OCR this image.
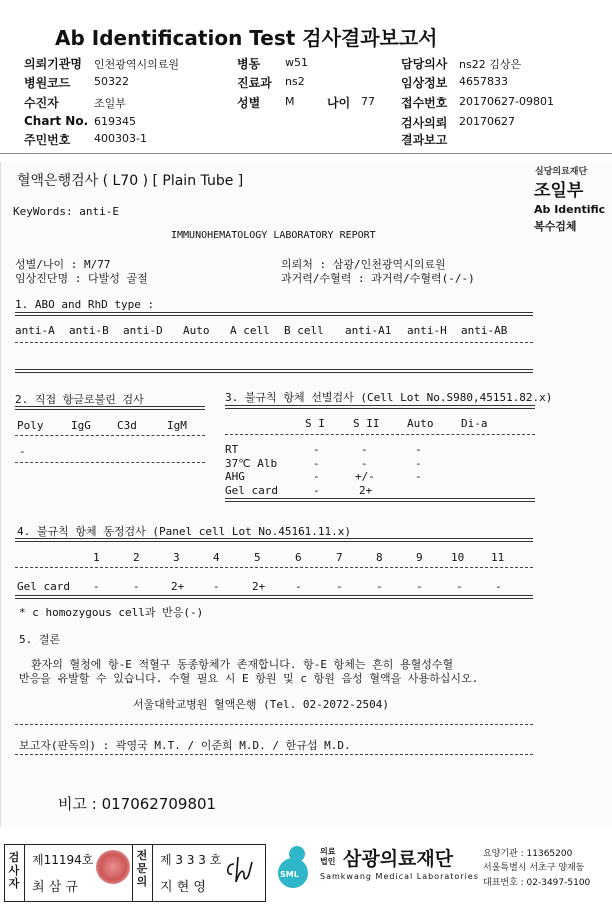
Ab Identification Test 검사결과보고서
의뢰기관명 인천광역시의료원
병원코드 50322
수진자	조일부
Chart No. 619345
주민번호 400303-1
병동 w51
진료과 ns2
성별 M	나이 77
담당의사 ns22 김상은
임상정보 4657833
접수번호 20170627-09801
검사의뢰 20170627
결과보고
혈액은행검사 ( L70 ) [ Plain Tube ]
실당의료재단
조일부
Ab Identific
복수검체
KeyWords: anti-E
IMMUNOHEMATOLOGY LABORATORY REPORT
성별/나이 : M/77
임상진단명 : 다발성 골절
의뢰처 : 삼광/인천광역시의료원
과거력/수혈력 : 과거력/수혈력(-/-)
1. ABO and RhD type :
anti-A anti-B anti-D Auto A cell B cell anti-A1 anti-H anti-AB
2. 직접 항글로불린 검사
Poly	IgG C3d	IgM
-
3. 불규칙 항체 선별검사 (Cell Lot No.S980,45151.82.x)
S I	S II	Auto	Di-a
RT	-	-	-
37℃ Alb	-	-	-
AHG	-	+/-	-
Gel card	-	2+
4. 불규칙 항체 동정검사 (Panel cell Lot No.45161.11.x)
1	2	3	4	5	6	7	8	9	10 11
Gel card -	-	2+	-	2+	-	-	-	-	-	-
* c homozygous cell과 반응(-)
5. 결론
환자의 혈청에 항-E 적혈구 동종항체가 존재합니다. 항-E 항체는 흔히 용혈성수혈
반응을 유발할 수 있습니다. 수혈 필요 시 E 항원 및 c 항원 음성 혈액을 사용하십시오.
서울대학교병원 혈액은행 (Tel. 02-2072-2504)
보고자(판독의) : 곽영국 M.T. / 이준희 M.D. / 한규섭 M.D.
비고 : 017062709801
검사자
제11194호
최 삼 규
전문의
제 3 3 3 호
지 현 영
SML
의료법인 삼광의료재단
Samkwang Medical Laboratories
요양기관 : 11365200
서울특별시 서초구 양재동
대표번호 : 02-3497-5100
